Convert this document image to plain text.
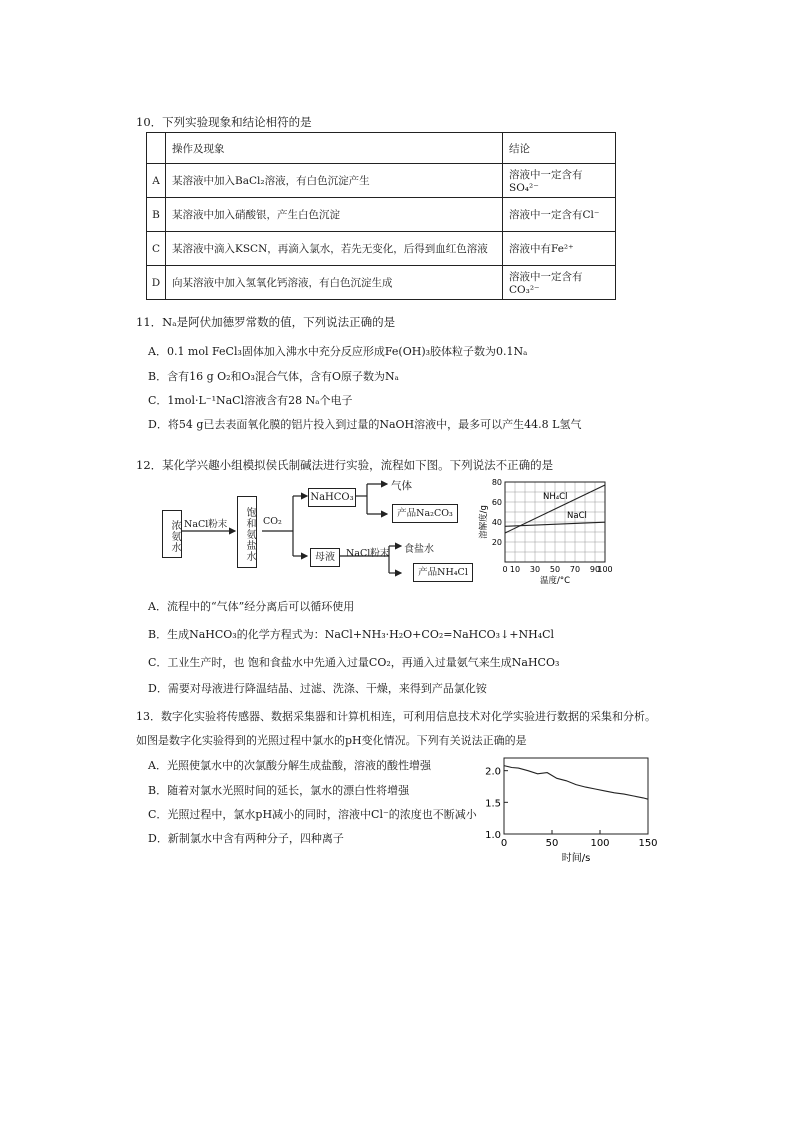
10．下列实验现象和结论相符的是
	操作及现象	结论
A	某溶液中加入BaCl₂溶液，有白色沉淀产生	溶液中一定含有SO₄²⁻
B	某溶液中加入硝酸银，产生白色沉淀	溶液中一定含有Cl⁻
C	某溶液中滴入KSCN，再滴入氯水，若先无变化，后得到血红色溶液	溶液中有Fe²⁺
D	向某溶液中加入氢氧化钙溶液，有白色沉淀生成	溶液中一定含有CO₃²⁻
11．Nₐ是阿伏加德罗常数的值，下列说法正确的是
A．0.1 mol FeCl₃固体加入沸水中充分反应形成Fe(OH)₃胶体粒子数为0.1Nₐ
B．含有16 g O₂和O₃混合气体，含有O原子数为Nₐ
C．1mol·L⁻¹NaCl溶液含有28 Nₐ个电子
D．将54 g已去表面氧化膜的铝片投入到过量的NaOH溶液中，最多可以产生44.8 L氢气
12．某化学兴趣小组模拟侯氏制碱法进行实验，流程如下图。下列说法不正确的是
浓氨水 NaCl粉末	饱和氨盐水 CO₂
NaHCO₃
气体
产品Na₂CO₃
母液	NaCl粉末 食盐水
产品NH₄Cl
20
40
60
80
0 10 30 50 70 90
100
温度/°C
溶解度/g
NH₄Cl
NaCl
A．流程中的“气体”经分离后可以循环使用
B．生成NaHCO₃的化学方程式为：NaCl+NH₃·H₂O+CO₂=NaHCO₃↓+NH₄Cl
C．工业生产时，也 饱和食盐水中先通入过量CO₂，再通入过量氨气来生成NaHCO₃
D．需要对母液进行降温结晶、过滤、洗涤、干燥，来得到产品氯化铵
13．数字化实验将传感器、数据采集器和计算机相连，可利用信息技术对化学实验进行数据的采集和分析。
如图是数字化实验得到的光照过程中氯水的pH变化情况。下列有关说法正确的是
A．光照使氯水中的次氯酸分解生成盐酸，溶液的酸性增强
B．随着对氯水光照时间的延长，氯水的漂白性将增强
C．光照过程中，氯水pH减小的同时，溶液中Cl⁻的浓度也不断减小
D．新制氯水中含有两种分子，四种离子	1.0
1.5
2.0
0	50	100	150
时间/s
